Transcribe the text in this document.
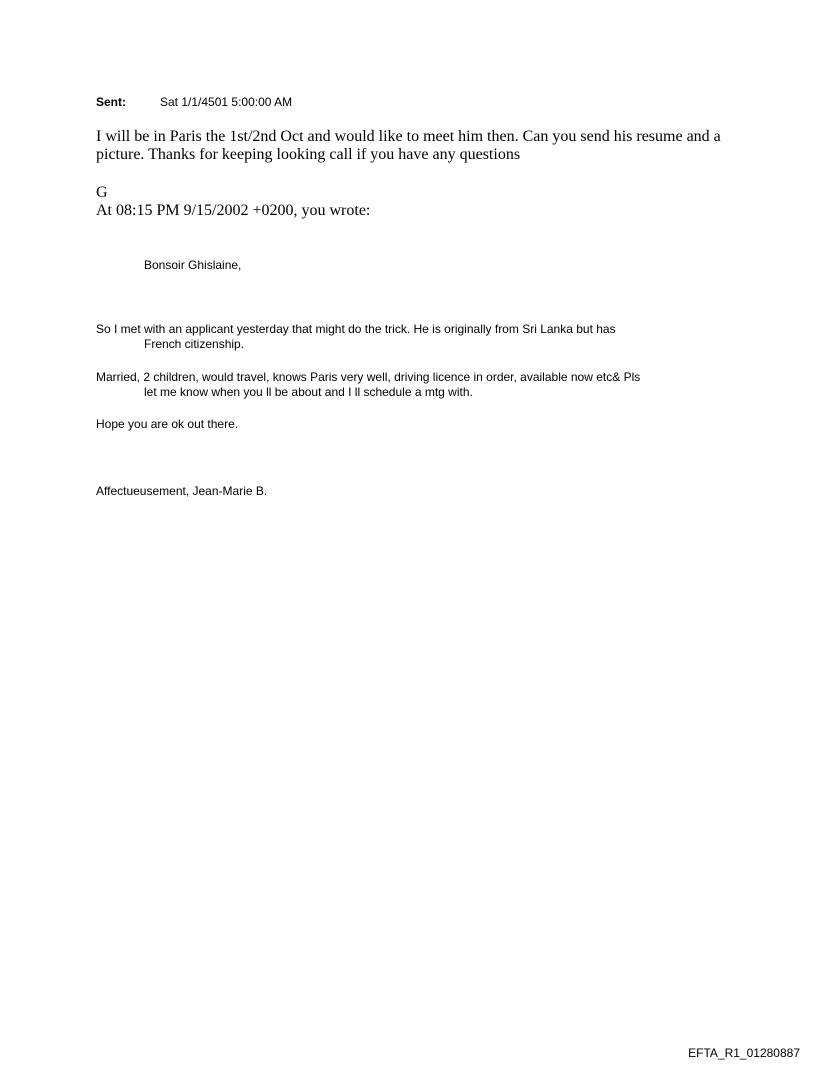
Sent:	Sat 1/1/4501 5:00:00 AM
I will be in Paris the 1st/2nd Oct and would like to meet him then. Can you send his resume and a picture. Thanks for keeping looking call if you have any questions
G
At 08:15 PM 9/15/2002 +0200, you wrote:
Bonsoir Ghislaine,
So I met with an applicant yesterday that might do the trick. He is originally from Sri Lanka but has
French citizenship.
Married, 2 children, would travel, knows Paris very well, driving licence in order, available now etc& Pls
let me know when you ll be about and I ll schedule a mtg with.
Hope you are ok out there.
Affectueusement, Jean-Marie B.
EFTA_R1_01280887
